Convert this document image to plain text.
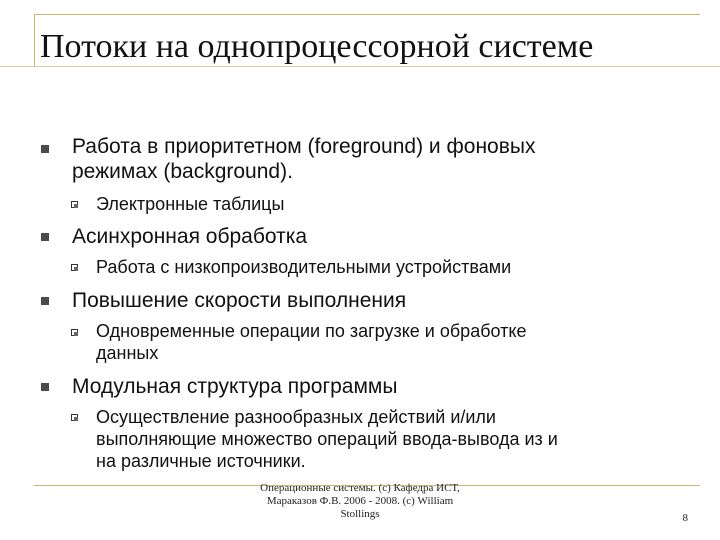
Потоки на однопроцессорной системе
Работа в приоритетном (foreground) и фоновых
режимах (background).
Электронные таблицы
Асинхронная обработка
Работа с низкопроизводительными устройствами
Повышение скорости выполнения
Одновременные операции по загрузке и обработке
данных
Модульная структура программы
Осуществление разнообразных действий и/или
выполняющие множество операций ввода-вывода из и
на различные источники.
Операционные системы. (c) Кафедра ИСТ,
Мараказов Ф.В. 2006 - 2008. (c) William
Stollings	8
